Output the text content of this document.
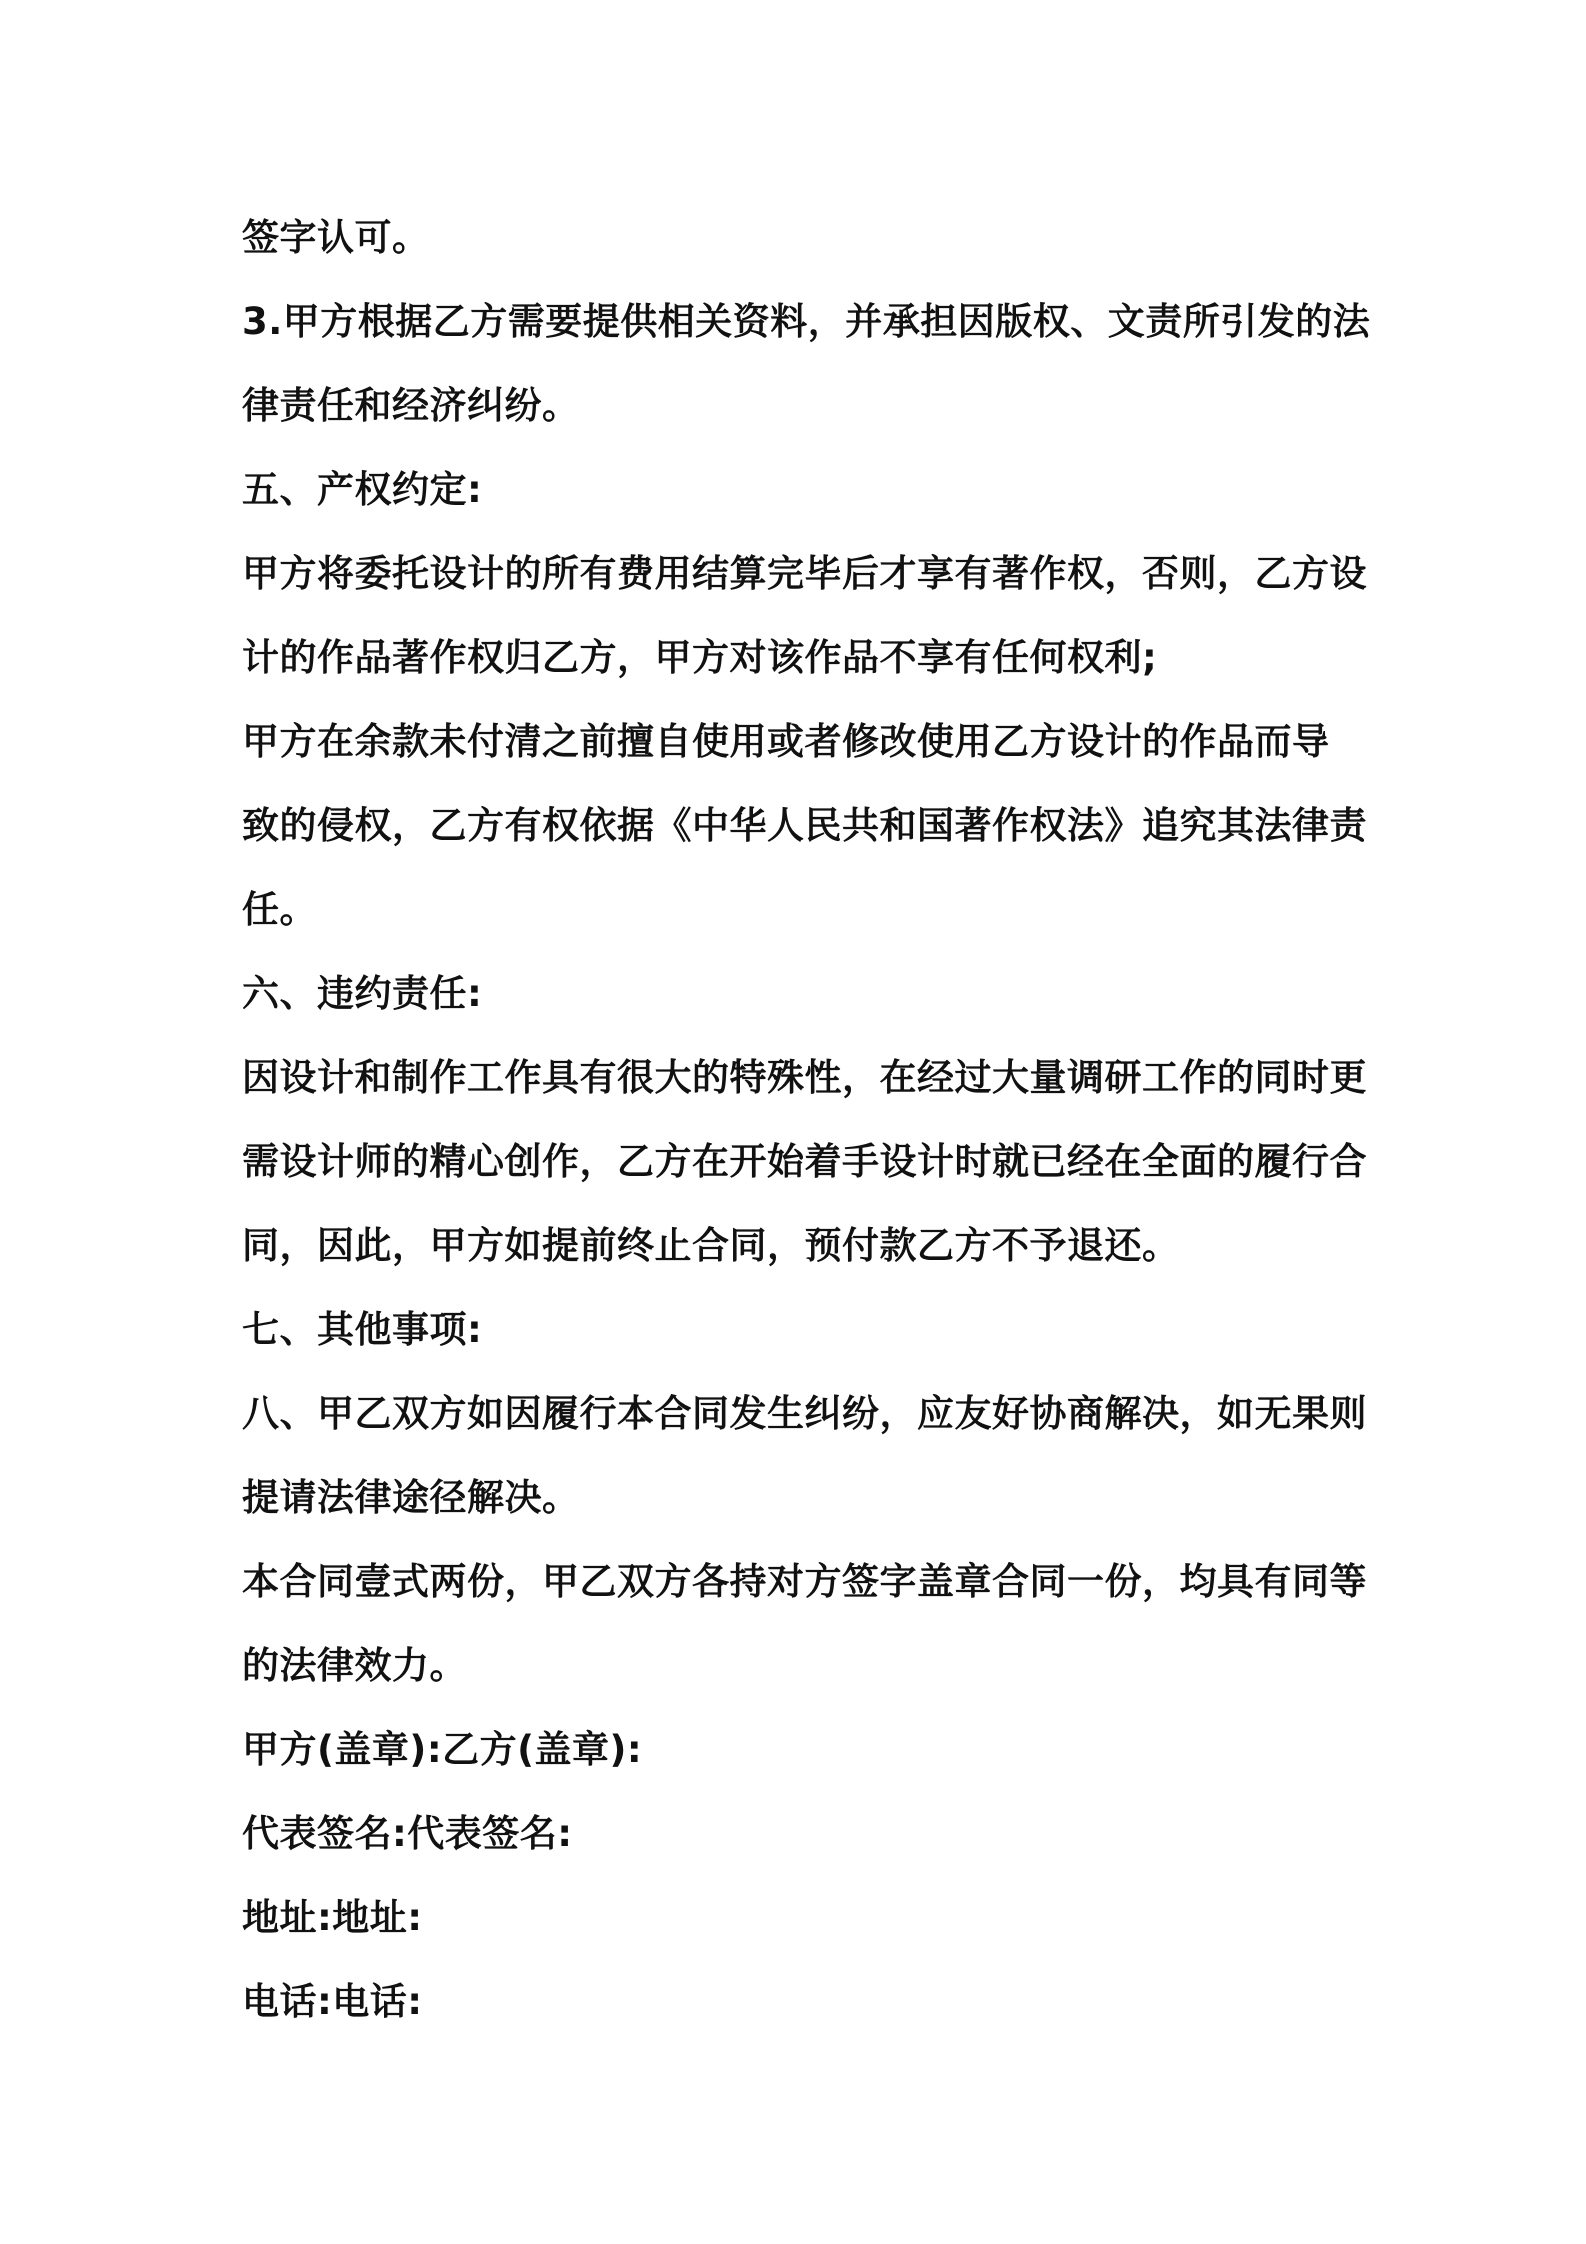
签字认可。
3.甲方根据乙方需要提供相关资料，并承担因版权、文责所引发的法
律责任和经济纠纷。
五、产权约定:
甲方将委托设计的所有费用结算完毕后才享有著作权，否则，乙方设
计的作品著作权归乙方，甲方对该作品不享有任何权利;
甲方在余款未付清之前擅自使用或者修改使用乙方设计的作品而导
致的侵权，乙方有权依据《中华人民共和国著作权法》追究其法律责
任。
六、违约责任:
因设计和制作工作具有很大的特殊性，在经过大量调研工作的同时更
需设计师的精心创作，乙方在开始着手设计时就已经在全面的履行合
同，因此，甲方如提前终止合同，预付款乙方不予退还。
七、其他事项:
八、甲乙双方如因履行本合同发生纠纷，应友好协商解决，如无果则
提请法律途径解决。
本合同壹式两份，甲乙双方各持对方签字盖章合同一份，均具有同等
的法律效力。
甲方(盖章):乙方(盖章):
代表签名:代表签名:
地址:地址:
电话:电话:
